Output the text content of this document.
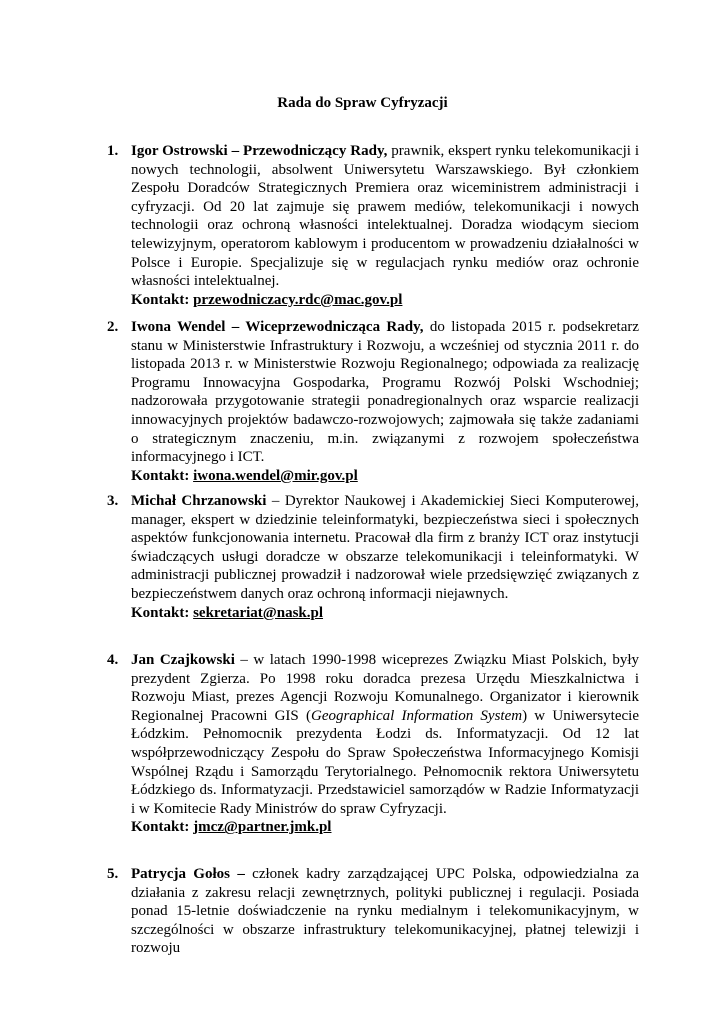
Rada do Spraw Cyfryzacji
1. Igor Ostrowski – Przewodniczący Rady, prawnik, ekspert rynku telekomunikacji i nowych technologii, absolwent Uniwersytetu Warszawskiego. Był członkiem Zespołu Doradców Strategicznych Premiera oraz wiceministrem administracji i cyfryzacji. Od 20 lat zajmuje się prawem mediów, telekomunikacji i nowych technologii oraz ochroną własności intelektualnej. Doradza wiodącym sieciom telewizyjnym, operatorom kablowym i producentom w prowadzeniu działalności w Polsce i Europie. Specjalizuje się w regulacjach rynku mediów oraz ochronie własności intelektualnej.

Kontakt: przewodniczacy.rdc@mac.gov.pl

2. Iwona Wendel – Wiceprzewodnicząca Rady, do listopada 2015 r. podsekretarz stanu w Ministerstwie Infrastruktury i Rozwoju, a wcześniej od stycznia 2011 r. do listopada 2013 r. w Ministerstwie Rozwoju Regionalnego; odpowiada za realizację Programu Innowacyjna Gospodarka, Programu Rozwój Polski Wschodniej; nadzorowała przygotowanie strategii ponadregionalnych oraz wsparcie realizacji innowacyjnych projektów badawczo-rozwojowych; zajmowała się także zadaniami o strategicznym znaczeniu, m.in. związanymi z rozwojem społeczeństwa informacyjnego i ICT.

Kontakt: iwona.wendel@mir.gov.pl

3. Michał Chrzanowski – Dyrektor Naukowej i Akademickiej Sieci Komputerowej, manager, ekspert w dziedzinie teleinformatyki, bezpieczeństwa sieci i społecznych aspektów funkcjonowania internetu. Pracował dla firm z branży ICT oraz instytucji świadczących usługi doradcze w obszarze telekomunikacji i teleinformatyki. W administracji publicznej prowadził i nadzorował wiele przedsięwzięć związanych z bezpieczeństwem danych oraz ochroną informacji niejawnych.

Kontakt: sekretariat@nask.pl

4. Jan Czajkowski – w latach 1990-1998 wiceprezes Związku Miast Polskich, były prezydent Zgierza. Po 1998 roku doradca prezesa Urzędu Mieszkalnictwa i Rozwoju Miast, prezes Agencji Rozwoju Komunalnego. Organizator i kierownik Regionalnej Pracowni GIS (Geographical Information System) w Uniwersytecie Łódzkim. Pełnomocnik prezydenta Łodzi ds. Informatyzacji. Od 12 lat współprzewodniczący Zespołu do Spraw Społeczeństwa Informacyjnego Komisji Wspólnej Rządu i Samorządu Terytorialnego. Pełnomocnik rektora Uniwersytetu Łódzkiego ds. Informatyzacji. Przedstawiciel samorządów w Radzie Informatyzacji i w Komitecie Rady Ministrów do spraw Cyfryzacji.

Kontakt: jmcz@partner.jmk.pl

5. Patrycja Gołos – członek kadry zarządzającej UPC Polska, odpowiedzialna za działania z zakresu relacji zewnętrznych, polityki publicznej i regulacji. Posiada ponad 15-letnie doświadczenie na rynku medialnym i telekomunikacyjnym, w szczególności w obszarze infrastruktury telekomunikacyjnej, płatnej telewizji i rozwoju
